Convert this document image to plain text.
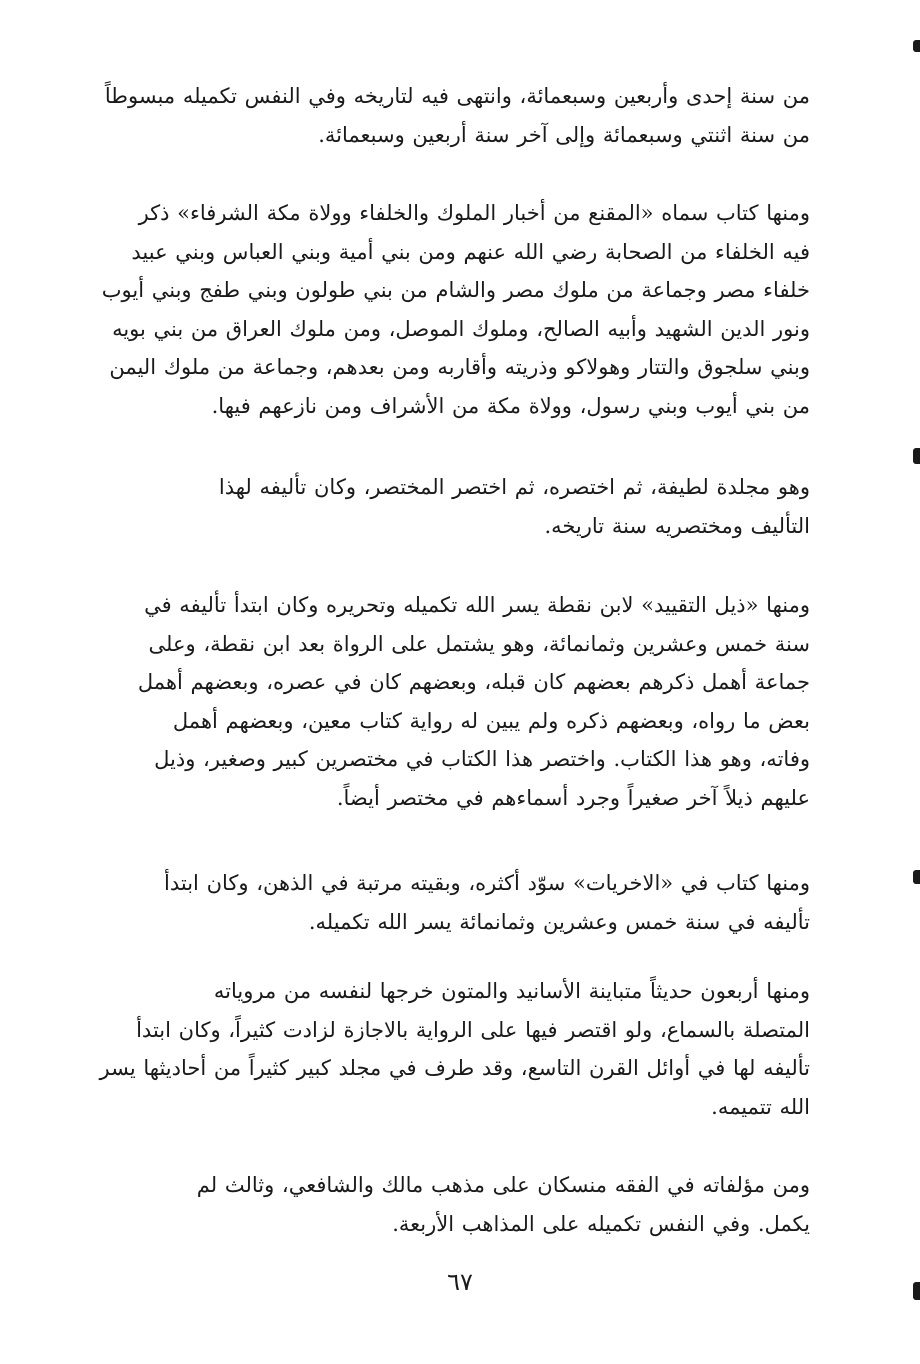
من سنة إحدى وأربعين وسبعمائة، وانتهى فيه لتاريخه وفي النفس تكميله مبسوطاً
من سنة اثنتي وسبعمائة وإلى آخر سنة أربعين وسبعمائة.
ومنها كتاب سماه «المقنع من أخبار الملوك والخلفاء وولاة مكة الشرفاء» ذكر
فيه الخلفاء من الصحابة رضي الله عنهم ومن بني أمية وبني العباس وبني عبيد
خلفاء مصر وجماعة من ملوك مصر والشام من بني طولون وبني طفج وبني أيوب
ونور الدين الشهيد وأبيه الصالح، وملوك الموصل، ومن ملوك العراق من بني بويه
وبني سلجوق والتتار وهولاكو وذريته وأقاربه ومن بعدهم، وجماعة من ملوك اليمن
من بني أيوب وبني رسول، وولاة مكة من الأشراف ومن نازعهم فيها.
وهو مجلدة لطيفة، ثم اختصره، ثم اختصر المختصر، وكان تأليفه لهذا
التأليف ومختصريه سنة تاريخه.
ومنها «ذيل التقييد» لابن نقطة يسر الله تكميله وتحريره وكان ابتدأ تأليفه في
سنة خمس وعشرين وثمانمائة، وهو يشتمل على الرواة بعد ابن نقطة، وعلى
جماعة أهمل ذكرهم بعضهم كان قبله، وبعضهم كان في عصره، وبعضهم أهمل
بعض ما رواه، وبعضهم ذكره ولم يبين له رواية كتاب معين، وبعضهم أهمل
وفاته، وهو هذا الكتاب. واختصر هذا الكتاب في مختصرين كبير وصغير، وذيل
عليهم ذيلاً آخر صغيراً وجرد أسماءهم في مختصر أيضاً.
ومنها كتاب في «الاخريات» سوّد أكثره، وبقيته مرتبة في الذهن، وكان ابتدأ
تأليفه في سنة خمس وعشرين وثمانمائة يسر الله تكميله.
ومنها أربعون حديثاً متباينة الأسانيد والمتون خرجها لنفسه من مروياته
المتصلة بالسماع، ولو اقتصر فيها على الرواية بالاجازة لزادت كثيراً، وكان ابتدأ
تأليفه لها في أوائل القرن التاسع، وقد طرف في مجلد كبير كثيراً من أحاديثها يسر
الله تتميمه.
ومن مؤلفاته في الفقه منسكان على مذهب مالك والشافعي، وثالث لم
يكمل. وفي النفس تكميله على المذاهب الأربعة.
٦٧
